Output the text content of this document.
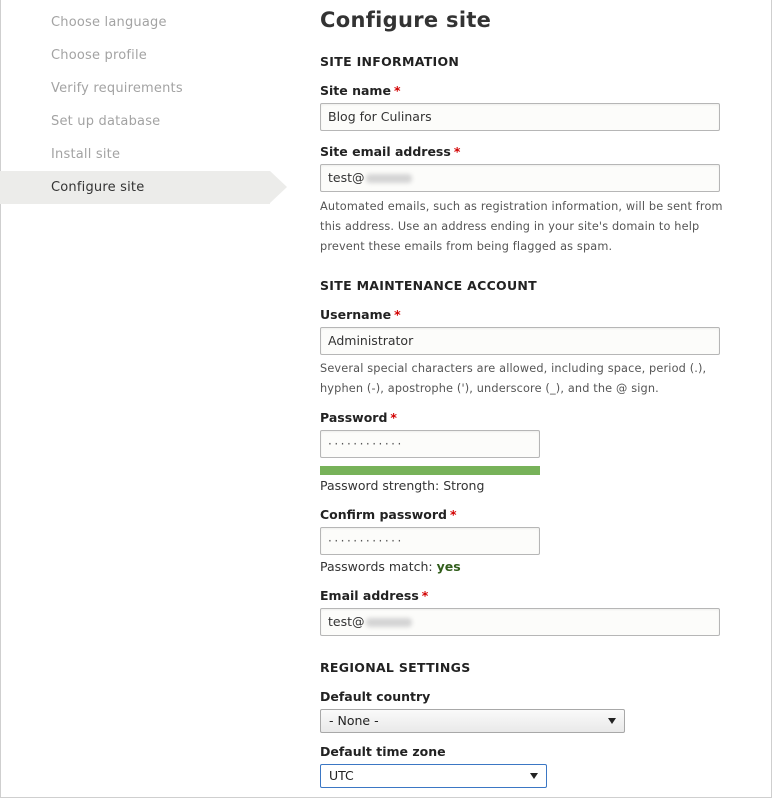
Choose language
Choose profile
Verify requirements
Set up database
Install site
Configure site
Configure site
SITE INFORMATION
Site name *
Blog for Culinars
Site email address *
test@
Automated emails, such as registration information, will be sent from this address. Use an address ending in your site's domain to help prevent these emails from being flagged as spam.
SITE MAINTENANCE ACCOUNT
Username *
Administrator
Several special characters are allowed, including space, period (.), hyphen (-), apostrophe ('), underscore (_), and the @ sign.
Password *
············
Password strength: Strong
Confirm password *
············
Passwords match: yes
Email address *
test@
REGIONAL SETTINGS
Default country
- None -
Default time zone
UTC
